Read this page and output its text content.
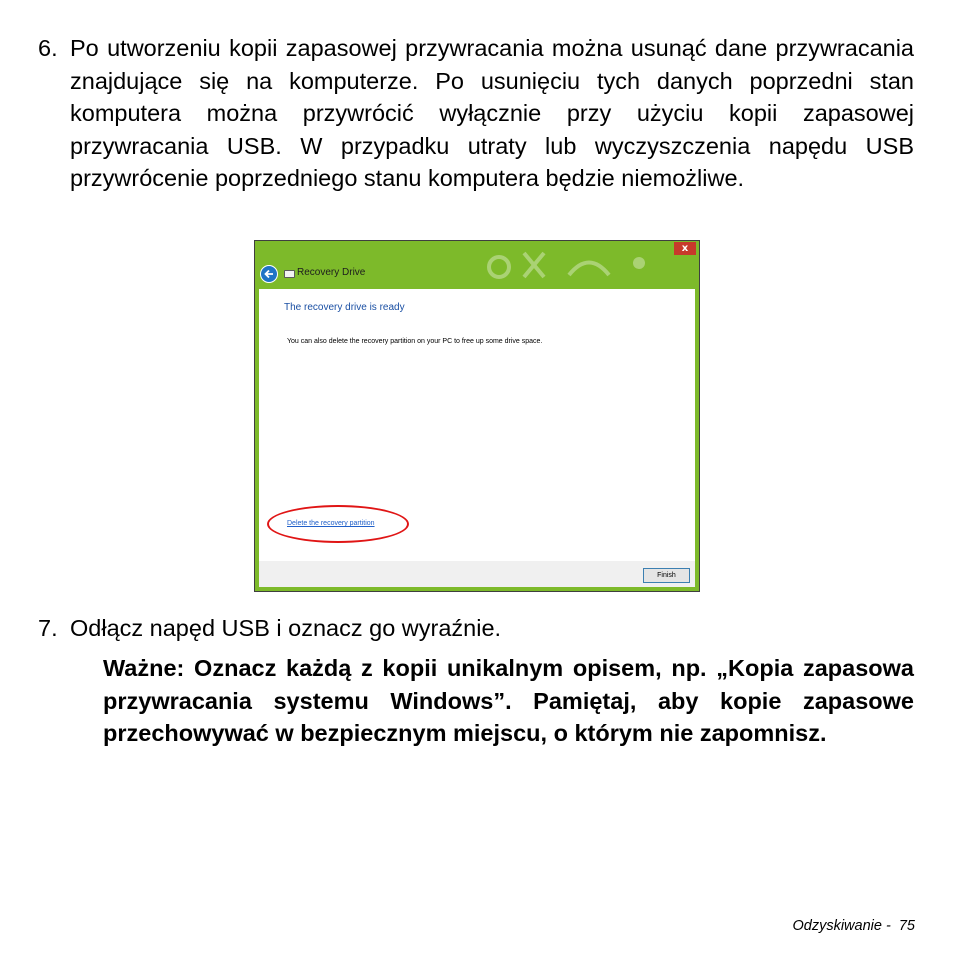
6. Po utworzeniu kopii zapasowej przywracania można usunąć dane przywracania znajdujące się na komputerze. Po usunięciu tych danych poprzedni stan komputera można przywrócić wyłącznie przy użyciu kopii zapasowej przywracania USB. W przypadku utraty lub wyczyszczenia napędu USB przywrócenie poprzedniego stanu komputera będzie niemożliwe.
x
Recovery Drive
The recovery drive is ready
You can also delete the recovery partition on your PC to free up some drive space.
Delete the recovery partition
Finish
7. Odłącz napęd USB i oznacz go wyraźnie.
Ważne: Oznacz każdą z kopii unikalnym opisem, np. „Kopia zapasowa przywracania systemu Windows”. Pamiętaj, aby kopie zapasowe przechowywać w bezpiecznym miejscu, o którym nie zapomnisz.
Odzyskiwanie - 75
